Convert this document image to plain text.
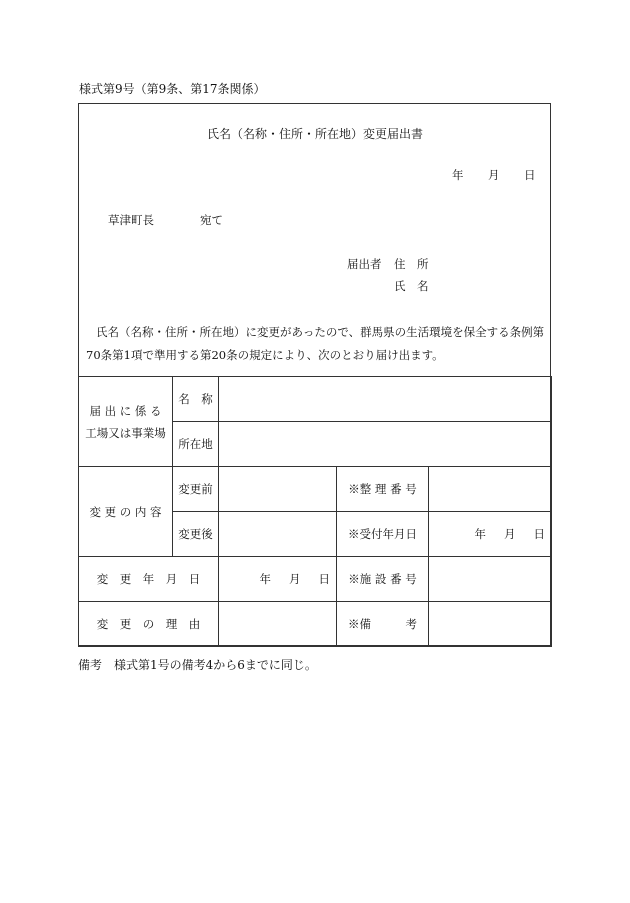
様式第9号（第9条、第17条関係）
氏名（名称・住所・所在地）変更届出書
年 月 日
草津町長	宛て
届出者 住　所
氏　名
氏名（名称・住所・所在地）に変更があったので、群馬県の生活環境を保全する条例第70条第1項で準用する第20条の規定により、次のとおり届け出ます。
届 出 に 係 る
工場又は事業場	名　称			
	所在地			
変 更 の 内 容	変更前		※整 理 番 号	
	変更後		※受付年月日	年 月 日

変　更　年　月　日		年 月 日	※施 設 番 号	
変　更　の　理　由			※備　　　考	
備考　様式第1号の備考4から6までに同じ。
